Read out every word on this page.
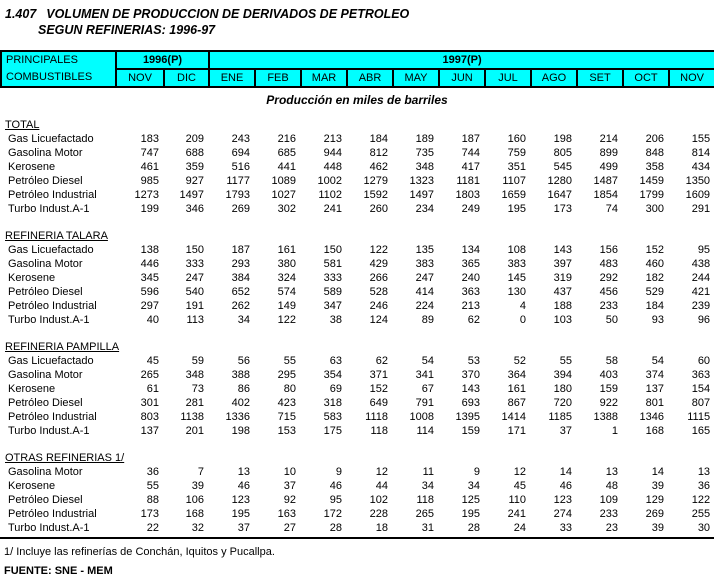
1.407 VOLUMEN DE PRODUCCION DE DERIVADOS DE PETROLEO
SEGUN REFINERIAS: 1996-97
PRINCIPALES
COMBUSTIBLES	1996(P)		1997(P)										
	NOV	DIC	ENE	FEB	MAR	ABR	MAY	JUN	JUL	AGO	SET	OCT	NOV
Producción en miles de barriles
TOTAL													
Gas Licuefactado	183	209	243	216	213	184	189	187	160	198	214	206	155
Gasolina Motor	747	688	694	685	944	812	735	744	759	805	899	848	814
Kerosene	461	359	516	441	448	462	348	417	351	545	499	358	434
Petróleo Diesel	985	927	1177	1089	1002	1279	1323	1181	1107	1280	1487	1459	1350
Petróleo Industrial	1273	1497	1793	1027	1102	1592	1497	1803	1659	1647	1854	1799	1609
Turbo Indust.A-1	199	346	269	302	241	260	234	249	195	173	74	300	291

REFINERIA TALARA													
Gas Licuefactado	138	150	187	161	150	122	135	134	108	143	156	152	95
Gasolina Motor	446	333	293	380	581	429	383	365	383	397	483	460	438
Kerosene	345	247	384	324	333	266	247	240	145	319	292	182	244
Petróleo Diesel	596	540	652	574	589	528	414	363	130	437	456	529	421
Petróleo Industrial	297	191	262	149	347	246	224	213	4	188	233	184	239
Turbo Indust.A-1	40	113	34	122	38	124	89	62	0	103	50	93	96

REFINERIA PAMPILLA													
Gas Licuefactado	45	59	56	55	63	62	54	53	52	55	58	54	60
Gasolina Motor	265	348	388	295	354	371	341	370	364	394	403	374	363
Kerosene	61	73	86	80	69	152	67	143	161	180	159	137	154
Petróleo Diesel	301	281	402	423	318	649	791	693	867	720	922	801	807
Petróleo Industrial	803	1138	1336	715	583	1118	1008	1395	1414	1185	1388	1346	1115
Turbo Indust.A-1	137	201	198	153	175	118	114	159	171	37	1	168	165

OTRAS REFINERIAS 1/													
Gasolina Motor	36	7	13	10	9	12	11	9	12	14	13	14	13
Kerosene	55	39	46	37	46	44	34	34	45	46	48	39	36
Petróleo Diesel	88	106	123	92	95	102	118	125	110	123	109	129	122
Petróleo Industrial	173	168	195	163	172	228	265	195	241	274	233	269	255
Turbo Indust.A-1	22	32	37	27	28	18	31	28	24	33	23	39	30
1/ Incluye las refinerías de Conchán, Iquitos y Pucallpa.
FUENTE: SNE - MEM
